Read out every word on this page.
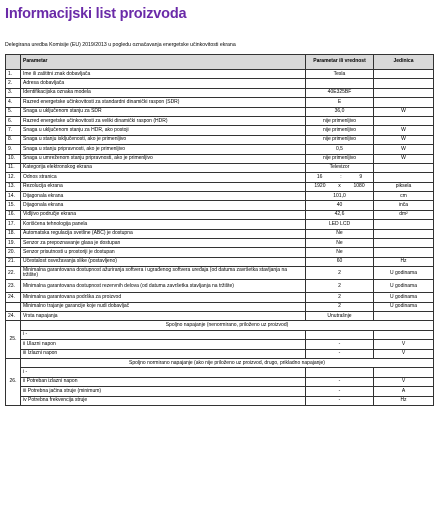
Informacijski list proizvoda
Delegirana uredba Komisije (EU) 2019/2013 u pogledu označavanja energetske učinkovitosti ekrana
	Parametar	Parametar ili vrednost	Jedinica
1.	Ime ili zaštitni znak dobavljača	Tesla	
2.	Adresa dobavljača		
3.	Identifikacijska oznaka modela	40E325BF	
4.	Razred energetske učinkovitosti za standardni dinamički raspon (SDR)	E	
5.	Snaga u uključenom stanju za SDR	36,0	W
6.	Razred energetske učinkovitosti za veliki dinamički raspon (HDR)	nije primenljivo	
7.	Snaga u uključenom stanju za HDR, ako postoji	nije primenljivo	W
8.	Snaga u stanju isključenosti, ako je primenljivo	nije primenljivo	W
9.	Snaga u stanju pripravnosti, ako je primenljivo	0,5	W
10.	Snaga u umreženom stanju pripravnosti, ako je primenljivo	nije primenljivo	W
11.	Kategorija elektronskog ekrana	Televizor	
12.	Odnos stranica	16 : 9	

13.	Rezolucija ekrana	1920 x 1080	piksela
14.	Dijagonala ekrana	101,0	cm
15.	Dijagonala ekrana	40	inča
16.	Vidljivo područje ekrana	42,6	dm²
17.	Korišćena tehnologija panela	LED LCD	
18.	Automatska regulacija svetline (ABC) je dostupna	Ne	
19.	Senzor za prepoznavanje glasa je dostupan	Ne	
20.	Senzor prisutnosti u prostoriji je dostupan	Ne	
21.	Učestalost osvežavanja slike (postavljeno)	60	Hz
22.	Minimalna garantovana dostupnost ažuriranja softvera i ugrađenog softvera uređaja (od datuma završetka stavljanja na tržište)	2	U godinama
23.	Minimalna garantovana dostupnost rezervnih delova (od datuma završetka stavljanja na tržište)	2	U godinama
24.	Minimalna garantovana podrška za proizvod	2	U godinama
	Minimalno trajanje garancije koje nudi dobavljač	2	U godinama
24.	Vrsta napajanja	Unutrašnje	
25.	Spoljno napajanje (nenormirano, priloženo uz proizvod)		
	i -		
	ii Ulazni napon	-	V
	iii Izlazni napon	-	V
26.	Spoljno normirano napajanje (ako nije priloženo uz proizvod, drugo, prikladno napajanje)		
	i -		
	ii Potreban izlazni napon	-	V
	iii Potrebna jačina struje (minimum)	-	A
	iv Potrebna frekvencija struje	-	Hz
